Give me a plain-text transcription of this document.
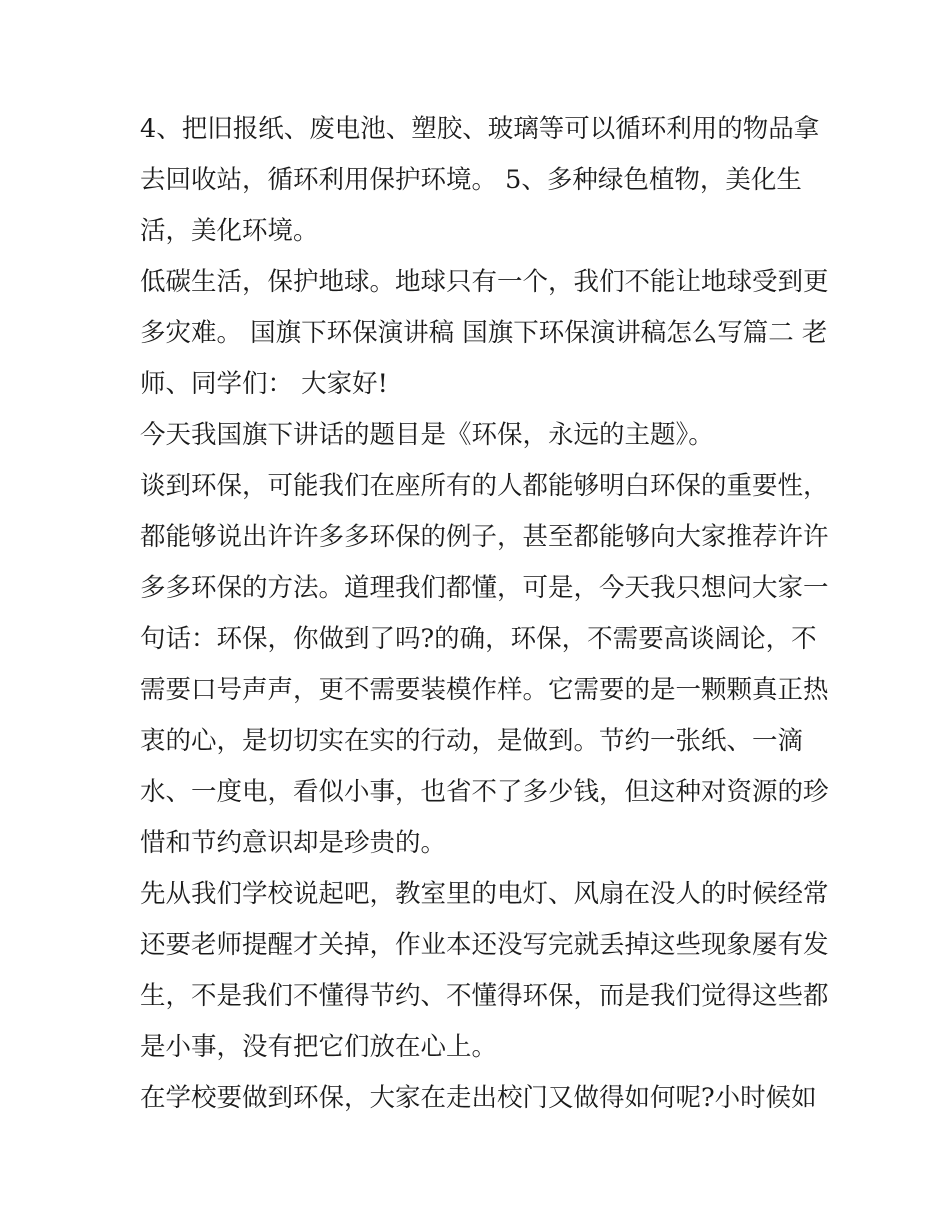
4、把旧报纸、废电池、塑胶、玻璃等可以循环利用的物品拿
去回收站，循环利用保护环境。 5、多种绿色植物，美化生
活，美化环境。

低碳生活，保护地球。地球只有一个，我们不能让地球受到更
多灾难。 国旗下环保演讲稿 国旗下环保演讲稿怎么写篇二 老
师、同学们： 大家好!

今天我国旗下讲话的题目是《环保，永远的主题》。

谈到环保，可能我们在座所有的人都能够明白环保的重要性，
都能够说出许许多多环保的例子，甚至都能够向大家推荐许许
多多环保的方法。道理我们都懂，可是，今天我只想问大家一
句话：环保，你做到了吗?的确，环保，不需要高谈阔论，不
需要口号声声，更不需要装模作样。它需要的是一颗颗真正热
衷的心，是切切实在实的行动，是做到。节约一张纸、一滴
水、一度电，看似小事，也省不了多少钱，但这种对资源的珍
惜和节约意识却是珍贵的。

先从我们学校说起吧，教室里的电灯、风扇在没人的时候经常
还要老师提醒才关掉，作业本还没写完就丢掉这些现象屡有发
生，不是我们不懂得节约、不懂得环保，而是我们觉得这些都
是小事，没有把它们放在心上。

在学校要做到环保，大家在走出校门又做得如何呢?小时候如
